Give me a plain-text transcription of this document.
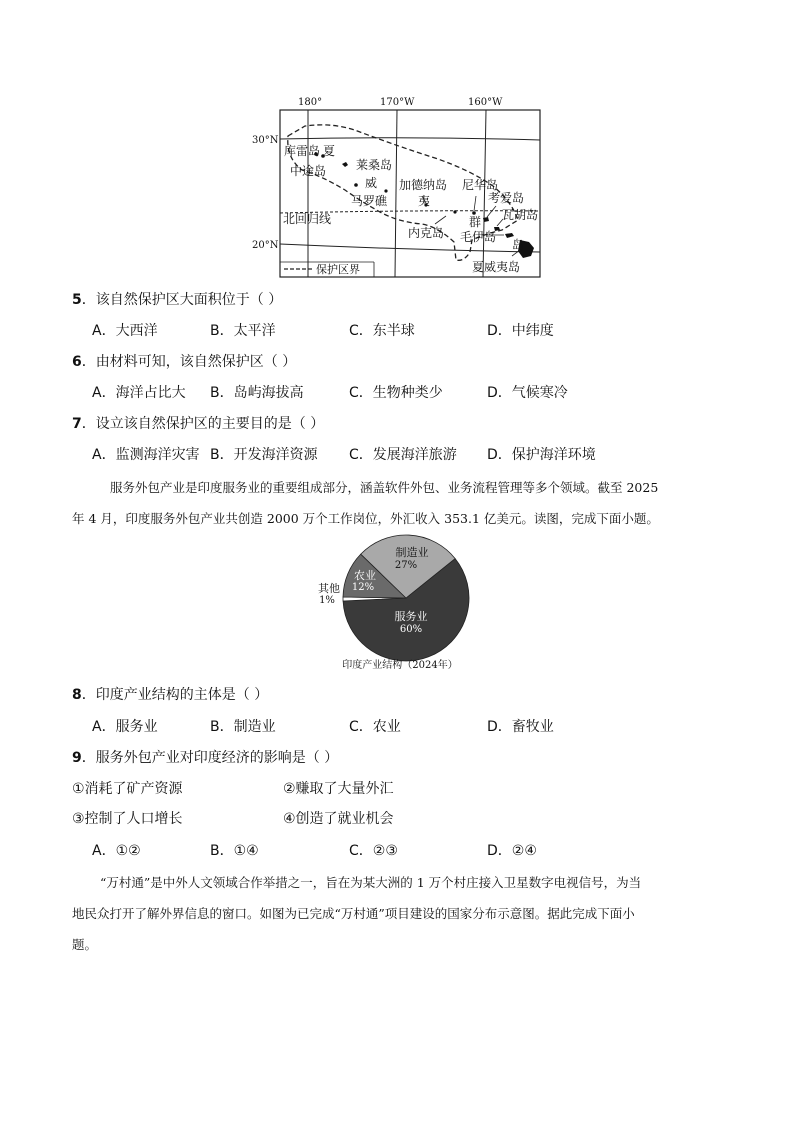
180°	170°W	160°W
30°N
20°N
库雷岛 夏
中途岛 莱桑岛
威
马罗礁
加德纳岛
夷
尼华岛
考爱岛
瓦胡岛
群
毛伊岛
岛
内克岛
北回归线
夏威夷岛
保护区界
5．该自然保护区大面积位于（ ）
A．大西洋	B．太平洋	C．东半球	D．中纬度
6．由材料可知，该自然保护区（ ）
A．海洋占比大 B．岛屿海拔高	C．生物种类少	D．气候寒冷
7．设立该自然保护区的主要目的是（ ）
A．监测海洋灾害 B．开发海洋资源 C．发展海洋旅游 D．保护海洋环境
服务外包产业是印度服务业的重要组成部分，涵盖软件外包、业务流程管理等多个领域。截至 2025
年 4 月，印度服务外包产业共创造 2000 万个工作岗位，外汇收入 353.1 亿美元。读图，完成下面小题。
服务业
60%
制造业
27%
农业
12%
其他
1%
印度产业结构（2024年）
8．印度产业结构的主体是（ ）
A．服务业	B．制造业	C．农业	D．畜牧业
9．服务外包产业对印度经济的影响是（ ）
①消耗了矿产资源	②赚取了大量外汇
③控制了人口增长	④创造了就业机会
A．①②	B．①④	C．②③	D．②④
“万村通”是中外人文领域合作举措之一，旨在为某大洲的 1 万个村庄接入卫星数字电视信号，为当
地民众打开了解外界信息的窗口。如图为已完成“万村通”项目建设的国家分布示意图。据此完成下面小
题。
